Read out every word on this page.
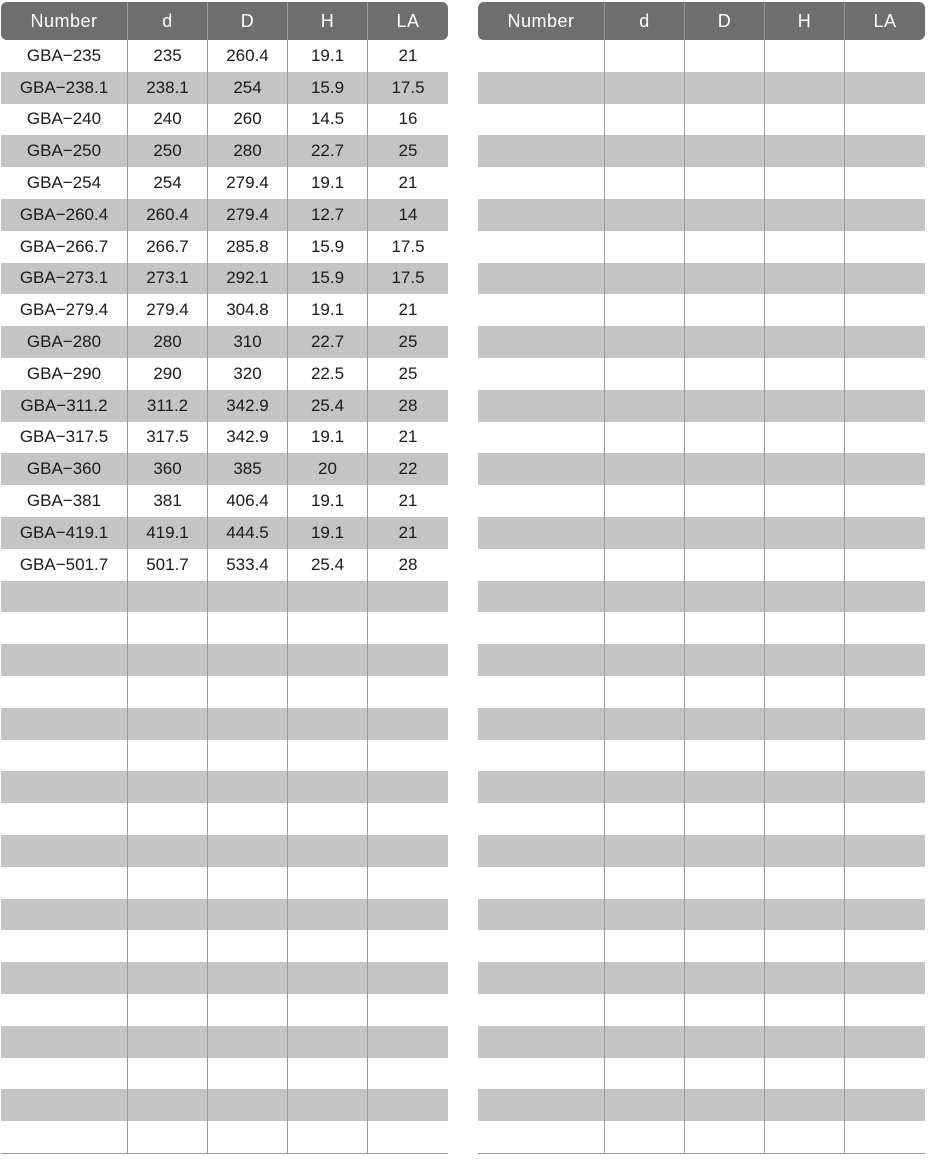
Number	d	D	H	LA
GBA−235	235	260.4	19.1	21
GBA−238.1	238.1	254	15.9	17.5
GBA−240	240	260	14.5	16
GBA−250	250	280	22.7	25
GBA−254	254	279.4	19.1	21
GBA−260.4	260.4	279.4	12.7	14
GBA−266.7	266.7	285.8	15.9	17.5
GBA−273.1	273.1	292.1	15.9	17.5
GBA−279.4	279.4	304.8	19.1	21
GBA−280	280	310	22.7	25
GBA−290	290	320	22.5	25
GBA−311.2	311.2	342.9	25.4	28
GBA−317.5	317.5	342.9	19.1	21
GBA−360	360	385	20	22
GBA−381	381	406.4	19.1	21
GBA−419.1	419.1	444.5	19.1	21
GBA−501.7	501.7	533.4	25.4	28
Number	d	D	H	LA
